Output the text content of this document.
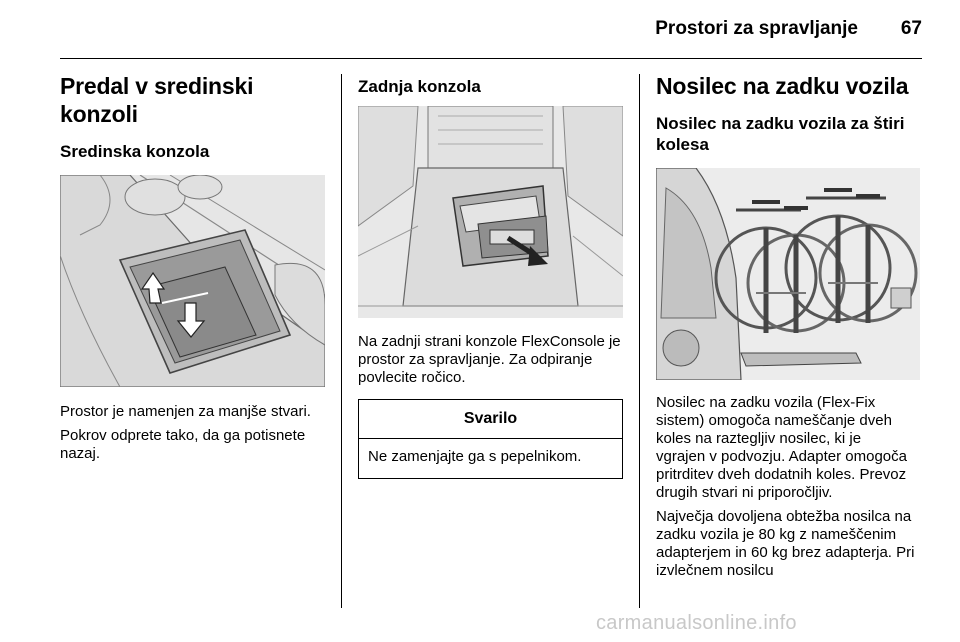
Prostori za spravljanje 67
Predal v sredinski konzoli
Sredinska konzola

Prostor je namenjen za manjše stvari.

Pokrov odprete tako, da ga potisnete nazaj.

Zadnja konzola

Na zadnji strani konzole FlexConsole je prostor za spravljanje. Za odpiranje povlecite ročico.

Svarilo
Ne zamenjajte ga s pepelnikom.
Nosilec na zadku vozila
Nosilec na zadku vozila za štiri kolesa

Nosilec na zadku vozila (Flex-Fix sistem) omogoča nameščanje dveh koles na raztegljiv nosilec, ki je vgrajen v podvozju. Adapter omogoča pritrditev dveh dodatnih koles. Prevoz drugih stvari ni priporočljiv.

Največja dovoljena obtežba nosilca na zadku vozila je 80 kg z nameščenim adapterjem in 60 kg brez adapterja. Pri izvlečnem nosilcu

carmanualsonline.info
